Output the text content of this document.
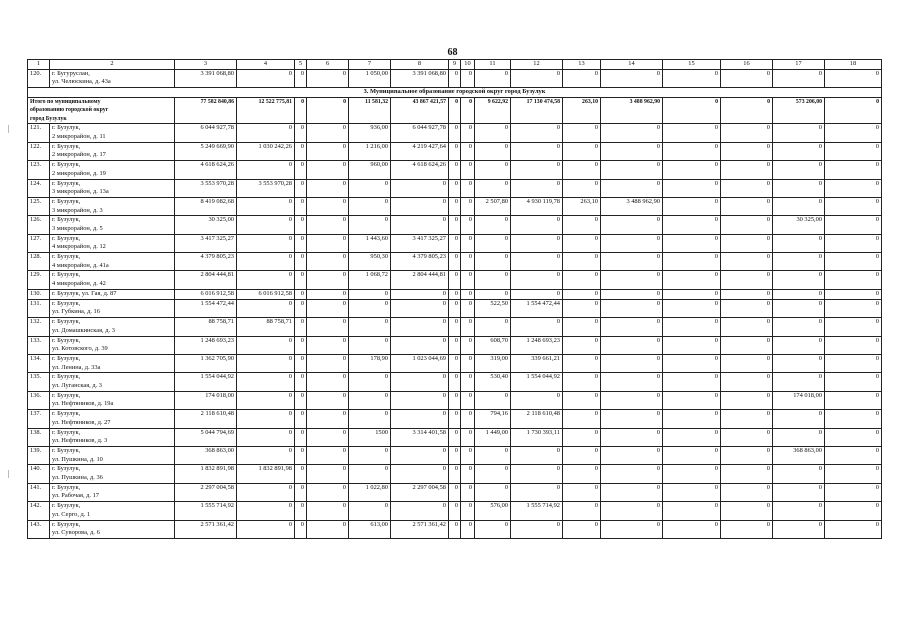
68
1	2	3	4	5	6	7	8	9	10	11	12	13	14	15	16	17	18
120.	г. Бугуруслан,
ул. Челюскина, д. 43а	3 391 068,80	0	0	0	1 050,00	3 391 068,80	0	0	0	0	0	0	0	0	0	0
3. Муниципальное образование городской округ город Бузулук																	

Итого по муниципальному
образованию городской округ
город Бузулук		77 582 840,86	12 522 775,81	0	0	11 581,32	43 867 421,57	0	0	9 622,92	17 130 474,58	263,10	3 488 962,90	0	0	573 206,00	0
121.	г. Бузулук,
2 микрорайон, д. 11	6 044 927,78	0	0	0	936,00	6 044 927,78	0	0	0	0	0	0	0	0	0	0
122.	г. Бузулук,
2 микрорайон, д. 17	5 249 669,90	1 030 242,26	0	0	1 216,00	4 219 427,64	0	0	0	0	0	0	0	0	0	0
123.	г. Бузулук,
2 микрорайон, д. 19	4 618 624,26	0	0	0	960,00	4 618 624,26	0	0	0	0	0	0	0	0	0	0
124.	г. Бузулук,
3 микрорайон, д. 13а	3 553 970,28	3 553 970,28	0	0	0	0	0	0	0	0	0	0	0	0	0	0
125.	г. Бузулук,
3 микрорайон, д. 3	8 419 082,68	0	0	0	0	0	0	0	2 507,80	4 930 119,78	263,10	3 488 962,90	0	0	0	0
126.	г. Бузулук,
3 микрорайон, д. 5	30 325,00	0	0	0	0	0	0	0	0	0	0	0	0	0	30 325,00	0
127.	г. Бузулук,
4 микрорайон, д. 12	3 417 325,27	0	0	0	1 443,60	3 417 325,27	0	0	0	0	0	0	0	0	0	0
128.	г. Бузулук,
4 микрорайон, д. 41а	4 379 805,23	0	0	0	950,30	4 379 805,23	0	0	0	0	0	0	0	0	0	0
129.	г. Бузулук,
4 микрорайон, д. 42	2 804 444,81	0	0	0	1 068,72	2 804 444,81	0	0	0	0	0	0	0	0	0	0
130.	г. Бузулук, ул. Гая, д. 87	6 016 912,58	6 016 912,58	0	0	0	0	0	0	0	0	0	0	0	0	0	0
131.	г. Бузулук,
ул. Губкина, д. 16	1 554 472,44	0	0	0	0	0	0	0	522,50	1 554 472,44	0	0	0	0	0	0
132.	г. Бузулук,
ул. Домашкинская, д. 3	88 758,71	88 758,71	0	0	0	0	0	0	0	0	0	0	0	0	0	0
133.	г. Бузулук,
ул. Котовского, д. 39	1 248 693,23	0	0	0	0	0	0	0	608,70	1 248 693,23	0	0	0	0	0	0
134.	г. Бузулук,
ул. Ленина, д. 33а	1 362 705,90	0	0	0	178,90	1 023 044,69	0	0	319,00	339 661,21	0	0	0	0	0	0
135.	г. Бузулук,
ул. Луганская, д. 3	1 554 044,92	0	0	0	0	0	0	0	530,40	1 554 044,92	0	0	0	0	0	0
136.	г. Бузулук,
ул. Нефтяников, д. 19а	174 018,00	0	0	0	0	0	0	0	0	0	0	0	0	0	174 018,00	0
137.	г. Бузулук,
ул. Нефтяников, д. 27	2 118 610,48	0	0	0	0	0	0	0	794,16	2 118 610,48	0	0	0	0	0	0
138.	г. Бузулук,
ул. Нефтяников, д. 3	5 044 794,69	0	0	0	1500	3 314 401,58	0	0	1 449,00	1 730 393,11	0	0	0	0	0	0
139.	г. Бузулук,
ул. Пушкина, д. 10	368 863,00	0	0	0	0	0	0	0	0	0	0	0	0	0	368 863,00	0
140.	г. Бузулук,
ул. Пушкина, д. 36	1 832 891,98	1 832 891,98	0	0	0	0	0	0	0	0	0	0	0	0	0	0
141.	г. Бузулук,
ул. Рабочая, д. 17	2 297 004,58	0	0	0	1 022,80	2 297 004,58	0	0	0	0	0	0	0	0	0	0
142.	г. Бузулук,
ул. Серго, д. 1	1 555 714,92	0	0	0	0	0	0	0	576,00	1 555 714,92	0	0	0	0	0	0
143.	г. Бузулук,
ул. Суворова, д. 6	2 571 361,42	0	0	0	613,00	2 571 361,42	0	0	0	0	0	0	0	0	0	0
